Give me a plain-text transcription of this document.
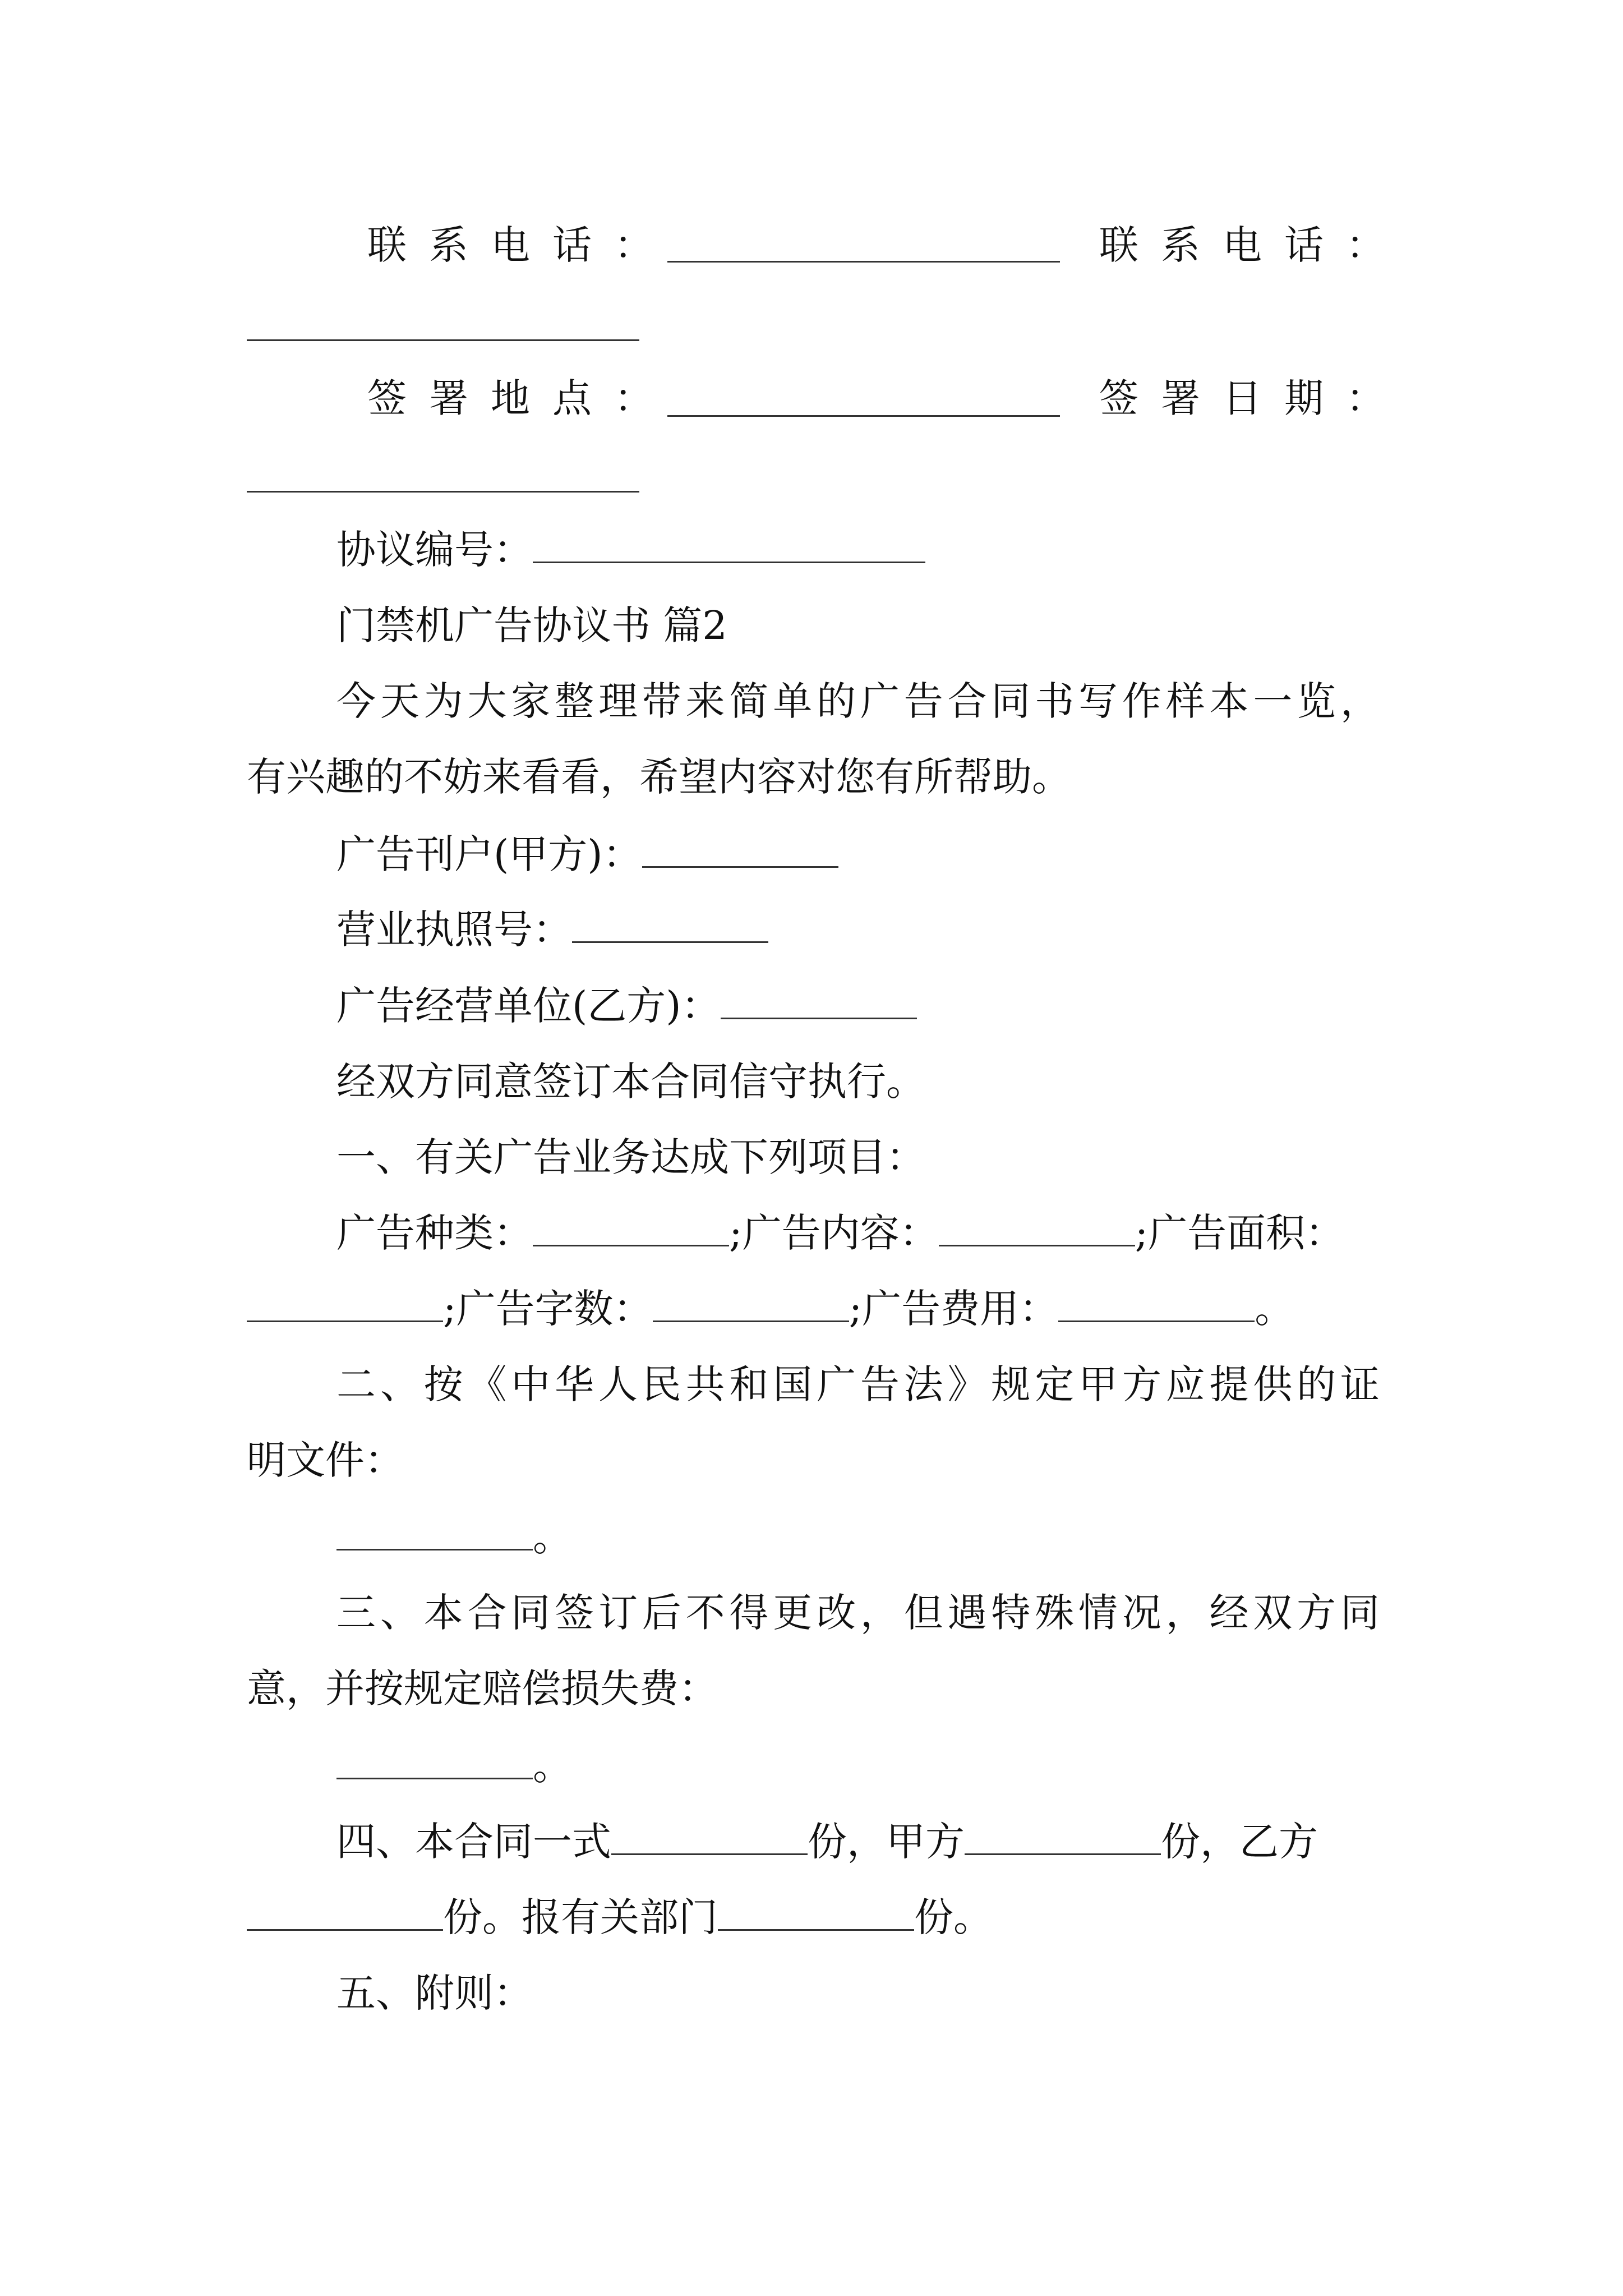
联系电话：	联系电话：
签署地点：	签署日期：
协议编号：
门禁机广告协议书 篇2
今天为大家整理带来简单的广告合同书写作样本一览，
有兴趣的不妨来看看，希望内容对您有所帮助。
广告刊户(甲方)：
营业执照号：
广告经营单位(乙方)：
经双方同意签订本合同信守执行。
一、有关广告业务达成下列项目：
广告种类：	;广告内容：	;广告面积：
;广告字数：	;广告费用：	。
二、按《中华人民共和国广告法》规定甲方应提供的证
明文件：
。
三、本合同签订后不得更改，但遇特殊情况，经双方同
意，并按规定赔偿损失费：
。
四、本合同一式	份，甲方	份，乙方
份。报有关部门	份。
五、附则：
